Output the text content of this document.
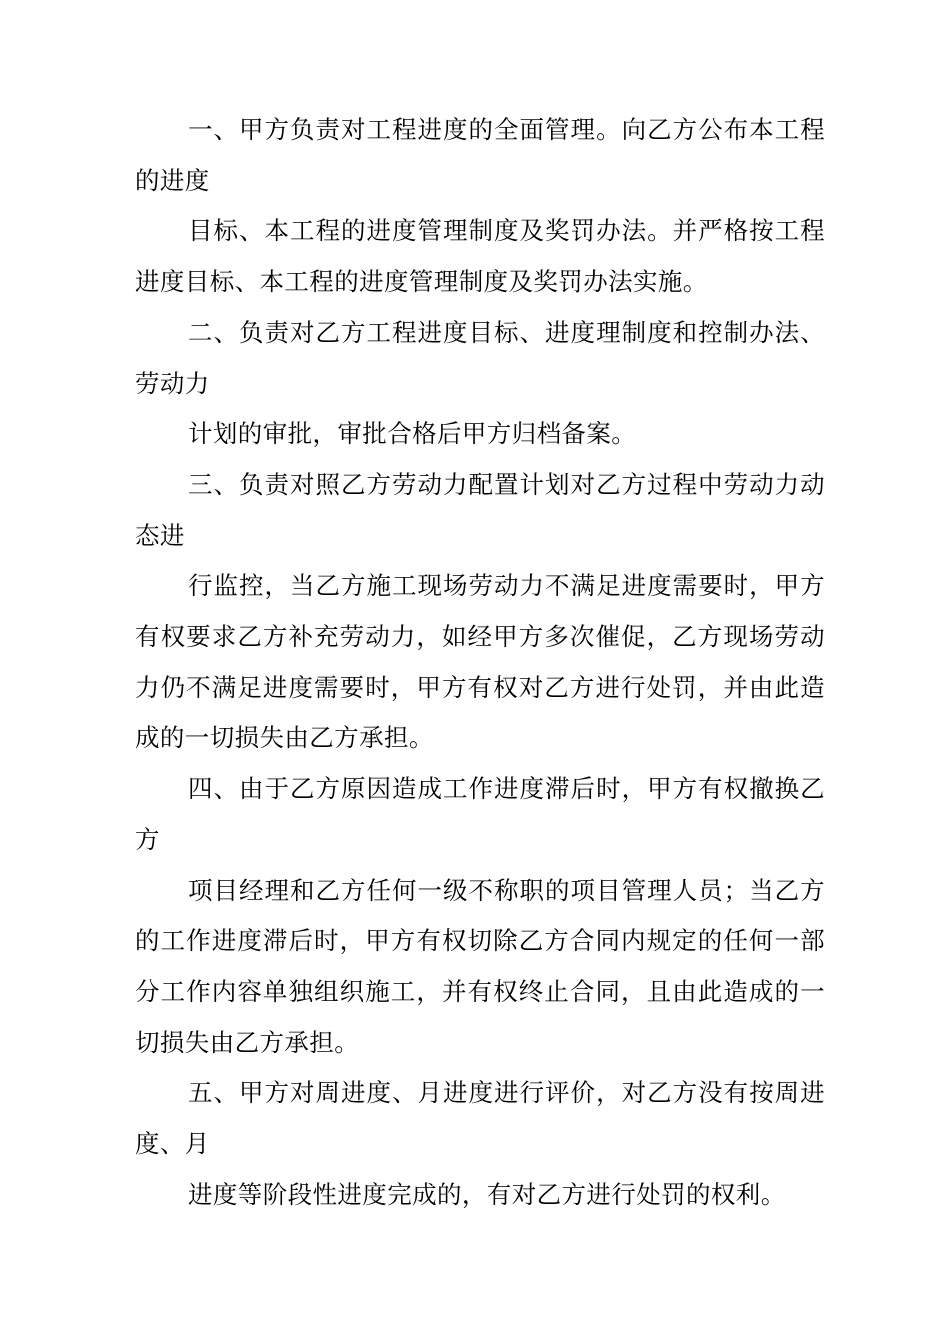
一、甲方负责对工程进度的全面管理。向乙方公布本工程的进度

目标、本工程的进度管理制度及奖罚办法。并严格按工程进度目标、本工程的进度管理制度及奖罚办法实施。

二、负责对乙方工程进度目标、进度理制度和控制办法、劳动力

计划的审批，审批合格后甲方归档备案。

三、负责对照乙方劳动力配置计划对乙方过程中劳动力动态进

行监控，当乙方施工现场劳动力不满足进度需要时，甲方有权要求乙方补充劳动力，如经甲方多次催促，乙方现场劳动力仍不满足进度需要时，甲方有权对乙方进行处罚，并由此造成的一切损失由乙方承担。

四、由于乙方原因造成工作进度滞后时，甲方有权撤换乙方

项目经理和乙方任何一级不称职的项目管理人员；当乙方的工作进度滞后时，甲方有权切除乙方合同内规定的任何一部分工作内容单独组织施工，并有权终止合同，且由此造成的一切损失由乙方承担。

五、甲方对周进度、月进度进行评价，对乙方没有按周进度、月

进度等阶段性进度完成的，有对乙方进行处罚的权利。
